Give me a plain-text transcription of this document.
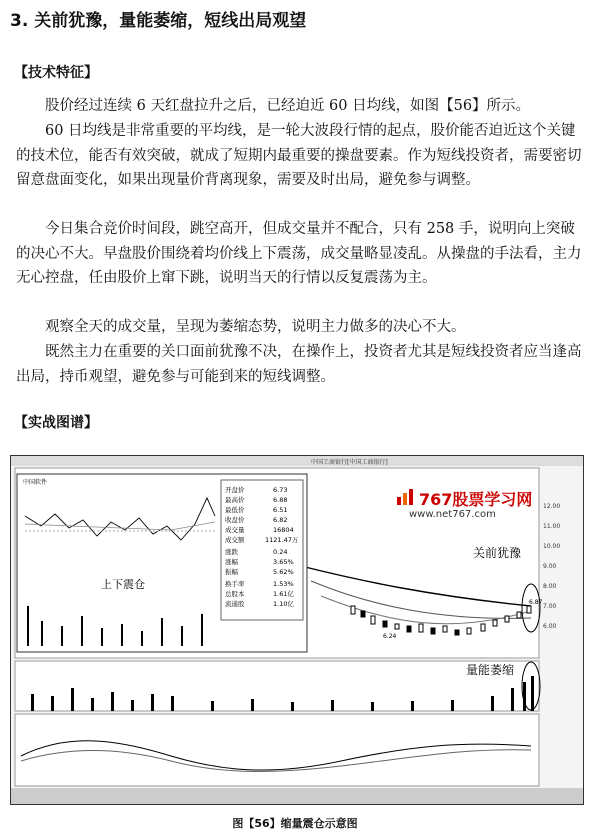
3. 关前犹豫，量能萎缩，短线出局观望
【技术特征】

股价经过连续 6 天红盘拉升之后，已经迫近 60 日均线，如图【56】所示。

60 日均线是非常重要的平均线，是一轮大波段行情的起点，股价能否迫近这个关键的技术位，能否有效突破，就成了短期内最重要的操盘要素。作为短线投资者，需要密切留意盘面变化，如果出现量价背离现象，需要及时出局，避免参与调整。

今日集合竞价时间段，跳空高开，但成交量并不配合，只有 258 手，说明向上突破的决心不大。早盘股价围绕着均价线上下震荡，成交量略显凌乱。从操盘的手法看，主力无心控盘，任由股价上窜下跳，说明当天的行情以反复震荡为主。

观察全天的成交量，呈现为萎缩态势，说明主力做多的决心不大。

既然主力在重要的关口面前犹豫不决，在操作上，投资者尤其是短线投资者应当逢高出局，持币观望，避免参与可能到来的短线调整。

【实战图谱】
中国工商银行[中国工商银行]
6.24
6.87
12.00
11.00
10.00
9.00
8.00
7.00
6.00
中国软件
开盘价	6.73
最高价	6.88
最低价	6.51
收盘价	6.82
成交量	16804
成交额	1121.47万
涨跌	0.24
涨幅	3.65%
振幅	5.62%
换手率	1.53%
总股本	1.61亿
流通股	1.10亿
上下震仓
关前犹豫
量能萎缩
767股票学习网
www.net767.com
图【56】缩量震仓示意图
